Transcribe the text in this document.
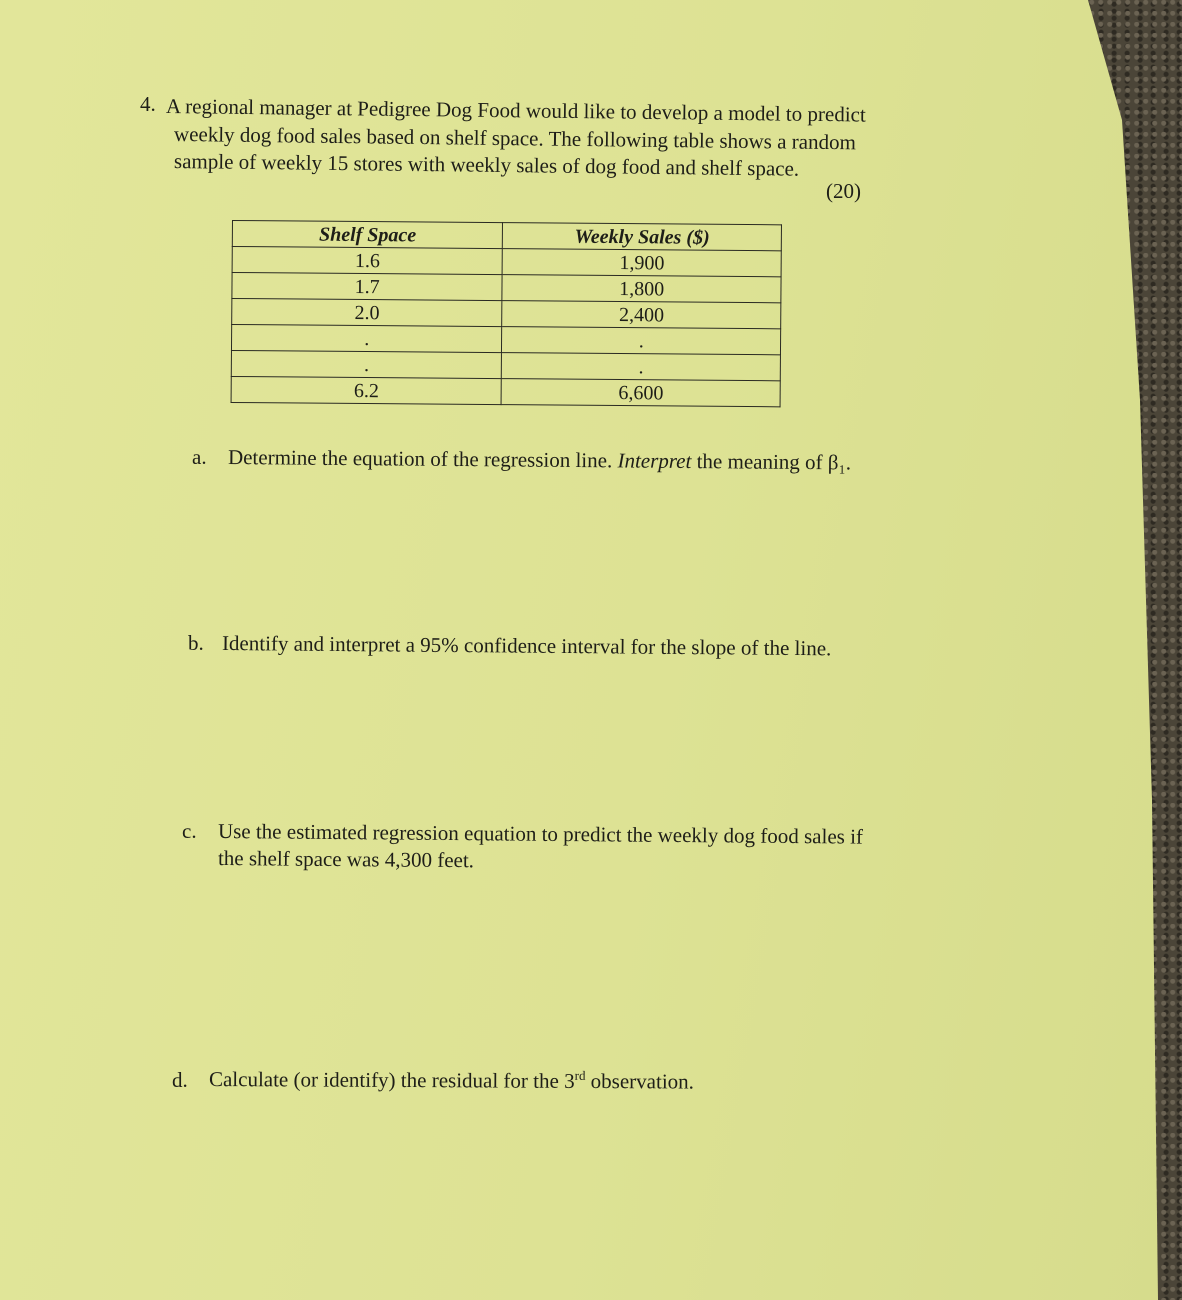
4. A regional manager at Pedigree Dog Food would like to develop a model to predict
weekly dog food sales based on shelf space. The following table shows a random
sample of weekly 15 stores with weekly sales of dog food and shelf space.
(20)
Shelf Space	Weekly Sales ($)
1.6	1,900
1.7	1,800
2.0	2,400
.	.
.	.
6.2	6,600
a. Determine the equation of the regression line. Interpret the meaning of β₁.
b. Identify and interpret a 95% confidence interval for the slope of the line.
c. Use the estimated regression equation to predict the weekly dog food sales if
the shelf space was 4,300 feet.
d. Calculate (or identify) the residual for the 3rd observation.
